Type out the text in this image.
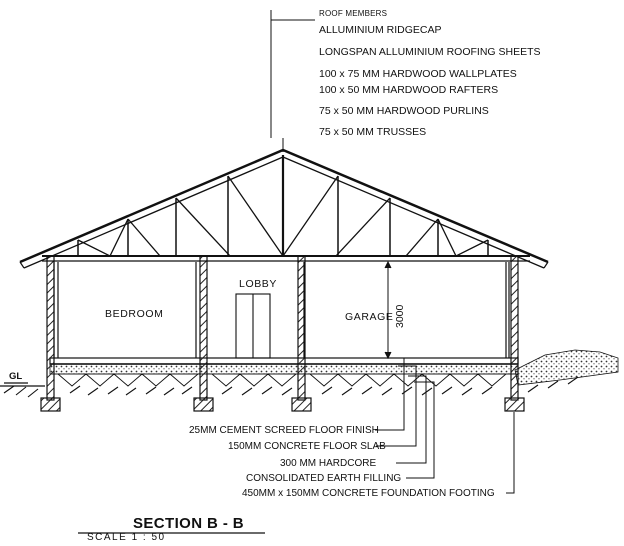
ROOF MEMBERS
ALLUMINIUM RIDGECAP
LONGSPAN ALLUMINIUM ROOFING SHEETS
100 x 75 MM HARDWOOD WALLPLATES
100 x 50 MM HARDWOOD RAFTERS
75 x 50 MM HARDWOOD PURLINS
75 x 50 MM TRUSSES
BEDROOM
LOBBY
GARAGE 3000
GL
25MM CEMENT SCREED FLOOR FINISH
150MM CONCRETE FLOOR SLAB
300 MM HARDCORE
CONSOLIDATED EARTH FILLING
450MM x 150MM CONCRETE FOUNDATION FOOTING
SECTION B - B
SCALE 1 : 50
